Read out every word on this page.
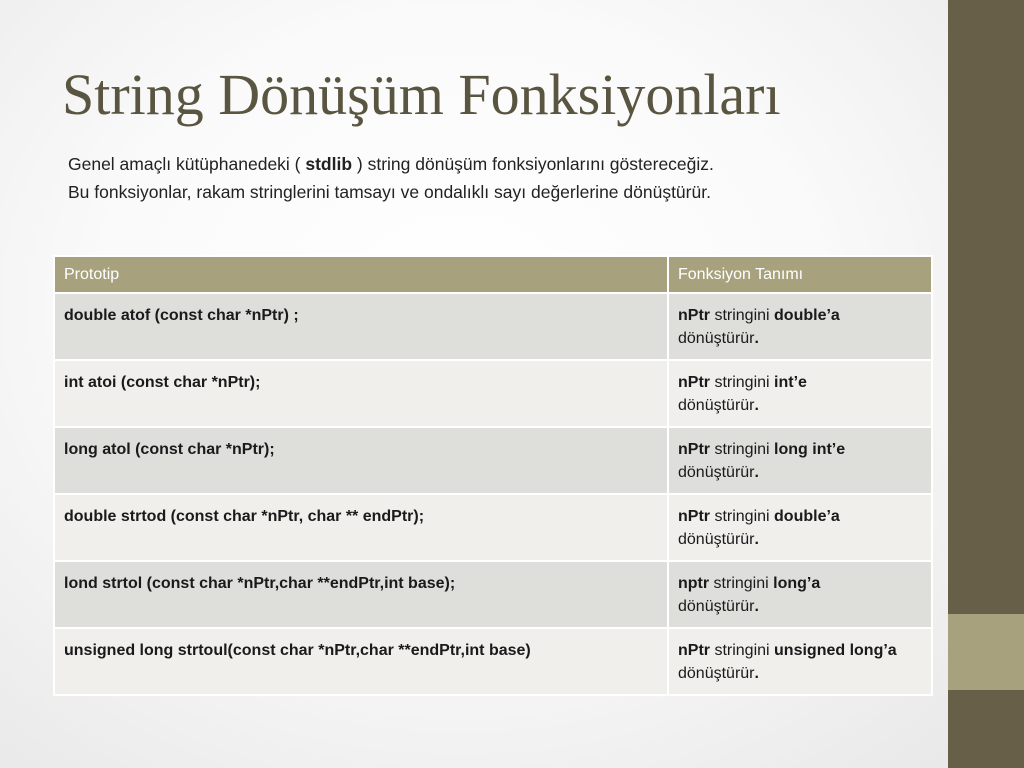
String Dönüşüm Fonksiyonları

Genel amaçlı kütüphanedeki ( stdlib ) string dönüşüm fonksiyonlarını göstereceğiz.

Bu fonksiyonlar, rakam stringlerini tamsayı ve ondalıklı sayı değerlerine dönüştürür.

Prototip	Fonksiyon Tanımı
double atof (const char *nPtr) ;	nPtr stringini double’a
dönüştürür.
int atoi (const char *nPtr);	nPtr stringini int’e
dönüştürür.
long atol (const char *nPtr);	nPtr stringini long int’e
dönüştürür.
double strtod (const char *nPtr, char ** endPtr);	nPtr stringini double’a
dönüştürür.
lond strtol (const char *nPtr,char **endPtr,int base);	nptr stringini long’a
dönüştürür.
unsigned long strtoul(const char *nPtr,char **endPtr,int base)	nPtr stringini unsigned long’a
dönüştürür.
